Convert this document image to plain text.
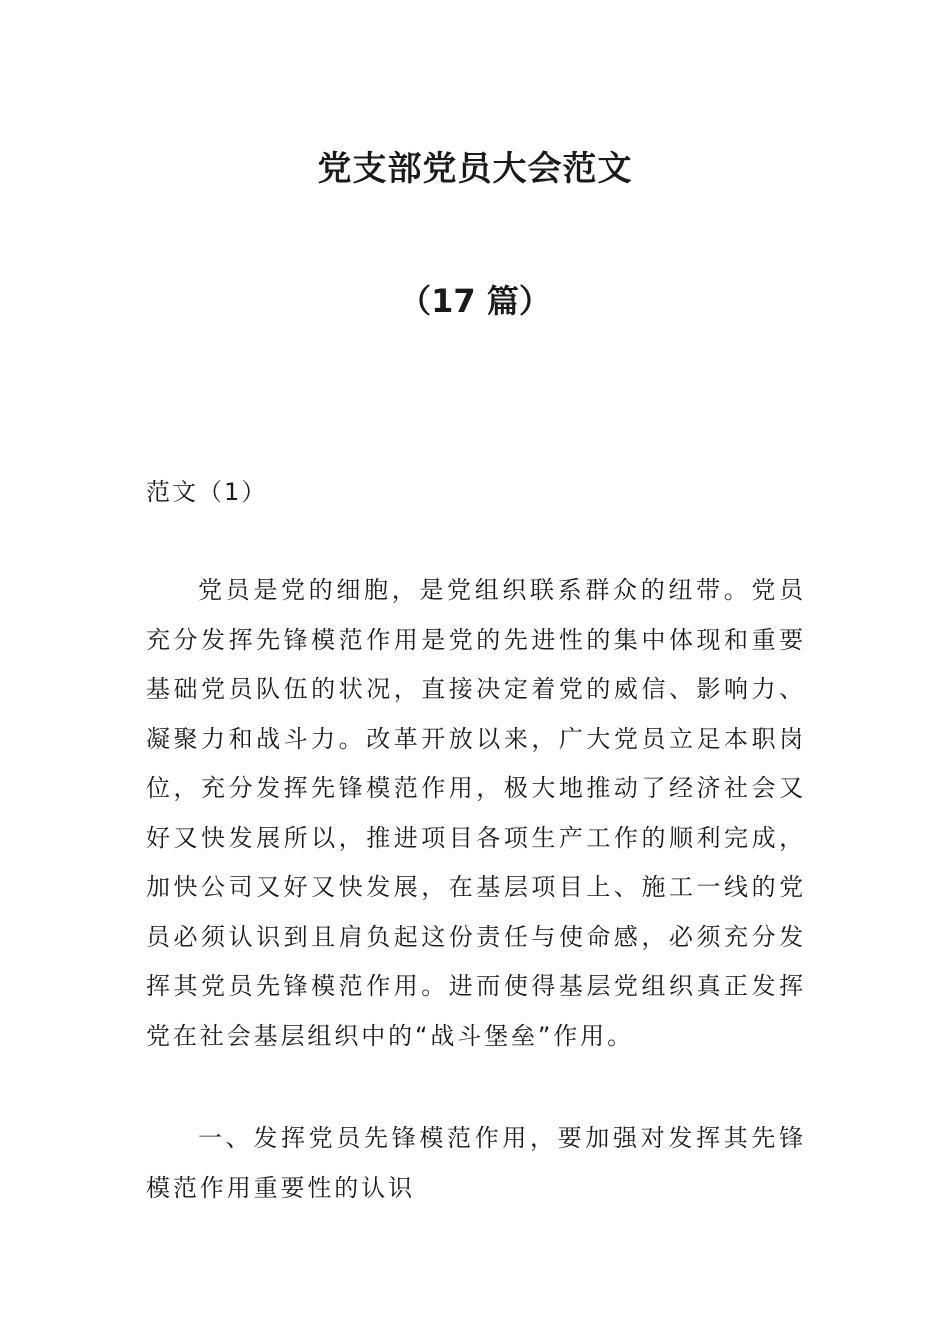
党支部党员大会范文
（17 篇）
范文（1）

党员是党的细胞，是党组织联系群众的纽带。党员充分发挥先锋模范作用是党的先进性的集中体现和重要基础党员队伍的状况，直接决定着党的威信、影响力、凝聚力和战斗力。改革开放以来，广大党员立足本职岗位，充分发挥先锋模范作用，极大地推动了经济社会又好又快发展所以，推进项目各项生产工作的顺利完成，加快公司又好又快发展，在基层项目上、施工一线的党员必须认识到且肩负起这份责任与使命感，必须充分发挥其党员先锋模范作用。进而使得基层党组织真正发挥党在社会基层组织中的“战斗堡垒”作用。

一、发挥党员先锋模范作用，要加强对发挥其先锋模范作用重要性的认识
